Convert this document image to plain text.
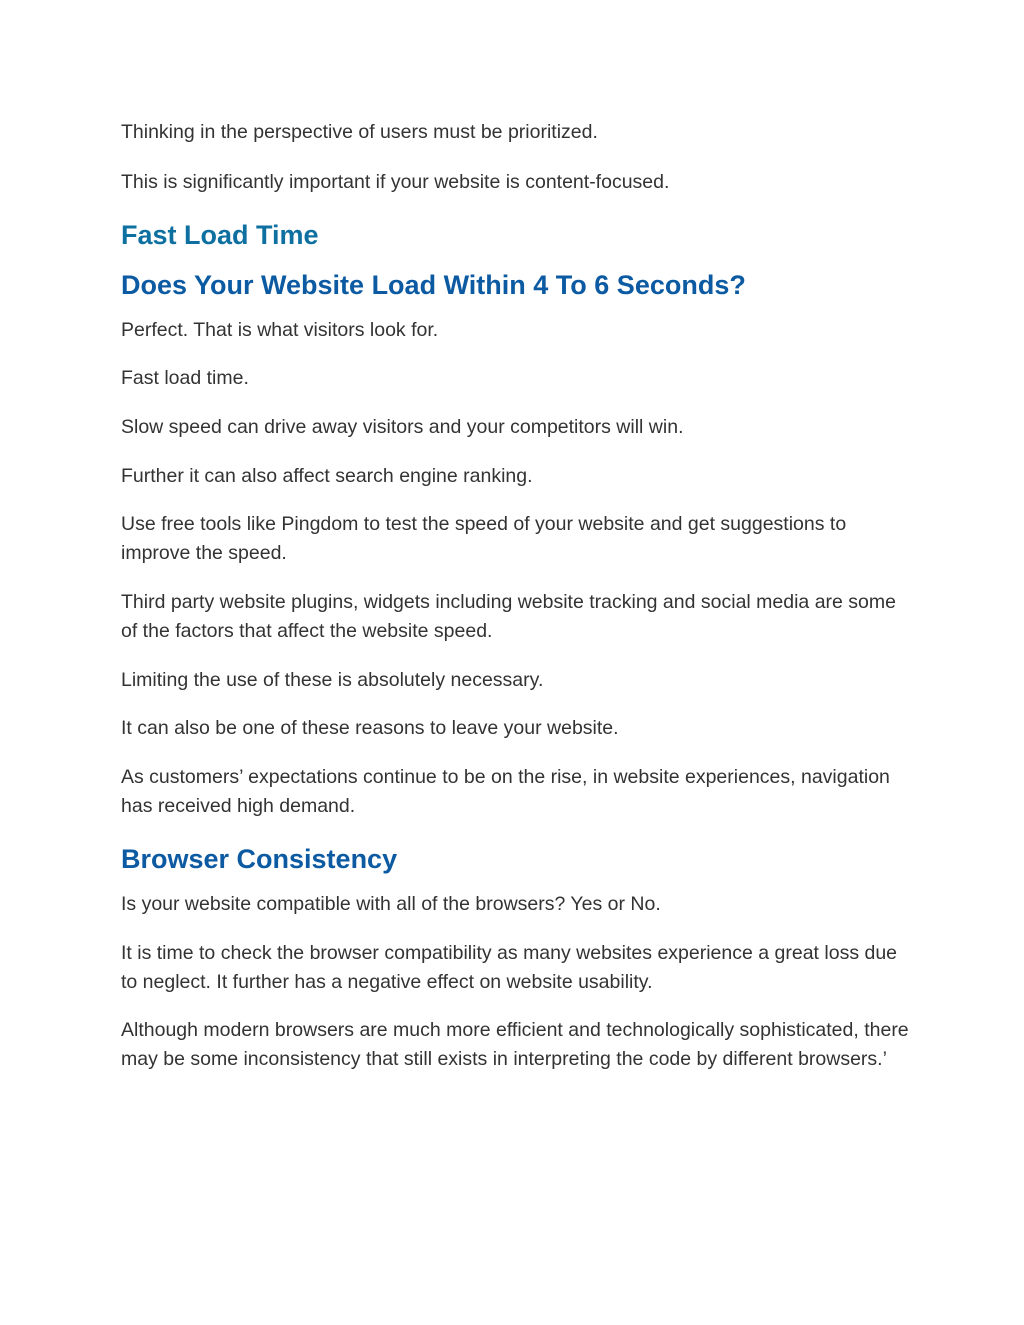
Thinking in the perspective of users must be prioritized.

This is significantly important if your website is content-focused.

Fast Load Time
Does Your Website Load Within 4 To 6 Seconds?

Perfect. That is what visitors look for.

Fast load time.

Slow speed can drive away visitors and your competitors will win.

Further it can also affect search engine ranking.

Use free tools like Pingdom to test the speed of your website and get suggestions to improve the speed.

Third party website plugins, widgets including website tracking and social media are some of the factors that affect the website speed.

Limiting the use of these is absolutely necessary.

It can also be one of these reasons to leave your website.

As customers’ expectations continue to be on the rise, in website experiences, navigation has received high demand.

Browser Consistency

Is your website compatible with all of the browsers? Yes or No.

It is time to check the browser compatibility as many websites experience a great loss due to neglect. It further has a negative effect on website usability.

Although modern browsers are much more efficient and technologically sophisticated, there may be some inconsistency that still exists in interpreting the code by different browsers.’
